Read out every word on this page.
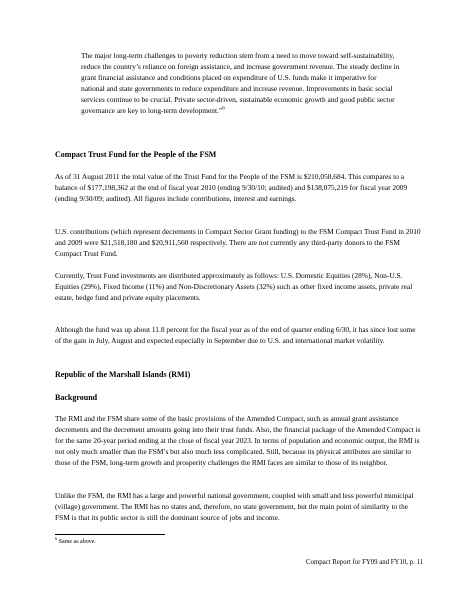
The major long-term challenges to poverty reduction stem from a need to move toward self-sustainability, reduce the country’s reliance on foreign assistance, and increase government revenue. The steady decline in grant financial assistance and conditions placed on expenditure of U.S. funds make it imperative for national and state governments to reduce expenditure and increase revenue. Improvements in basic social services continue to be crucial. Private sector-driven, sustainable economic growth and good public sector governance are key to long-term development.”$^6$
Compact Trust Fund for the People of the FSM

As of 31 August 2011 the total value of the Trust Fund for the People of the FSM is $210,058,684. This compares to a balance of $177,198,362 at the end of fiscal year 2010 (ending 9/30/10; audited) and $138,075,219 for fiscal year 2009 (ending 9/30/09; audited). All figures include contributions, interest and earnings.

U.S. contributions (which represent decrements in Compact Sector Grant funding) to the FSM Compact Trust Fund in 2010 and 2009 were $21,518,180 and $20,911,560 respectively. There are not currently any third-party donors to the FSM Compact Trust Fund.

Currently, Trust Fund investments are distributed approximately as follows: U.S. Domestic Equities (28%), Non-U.S. Equities (29%), Fixed Income (11%) and Non-Discretionary Assets (32%) such as other fixed income assets, private real estate, hedge fund and private equity placements.

Although the fund was up about 11.8 percent for the fiscal year as of the end of quarter ending 6/30, it has since lost some of the gain in July, August and expected especially in September due to U.S. and international market volatility.

Republic of the Marshall Islands (RMI)
Background

The RMI and the FSM share some of the basic provisions of the Amended Compact, such as annual grant assistance decrements and the decrement amounts going into their trust funds. Also, the financial package of the Amended Compact is for the same 20-year period ending at the close of fiscal year 2023. In terms of population and economic output, the RMI is not only much smaller than the FSM’s but also much less complicated. Still, because its physical attributes are similar to those of the FSM, long-term growth and prosperity challenges the RMI faces are similar to those of its neighbor.

Unlike the FSM, the RMI has a large and powerful national government, coupled with small and less powerful municipal (village) government. The RMI has no states and, therefore, no state government, but the main point of similarity to the FSM is that its public sector is still the dominant source of jobs and income.

$^6$ Same as above.
Compact Report for FY09 and FY10, p. 11
